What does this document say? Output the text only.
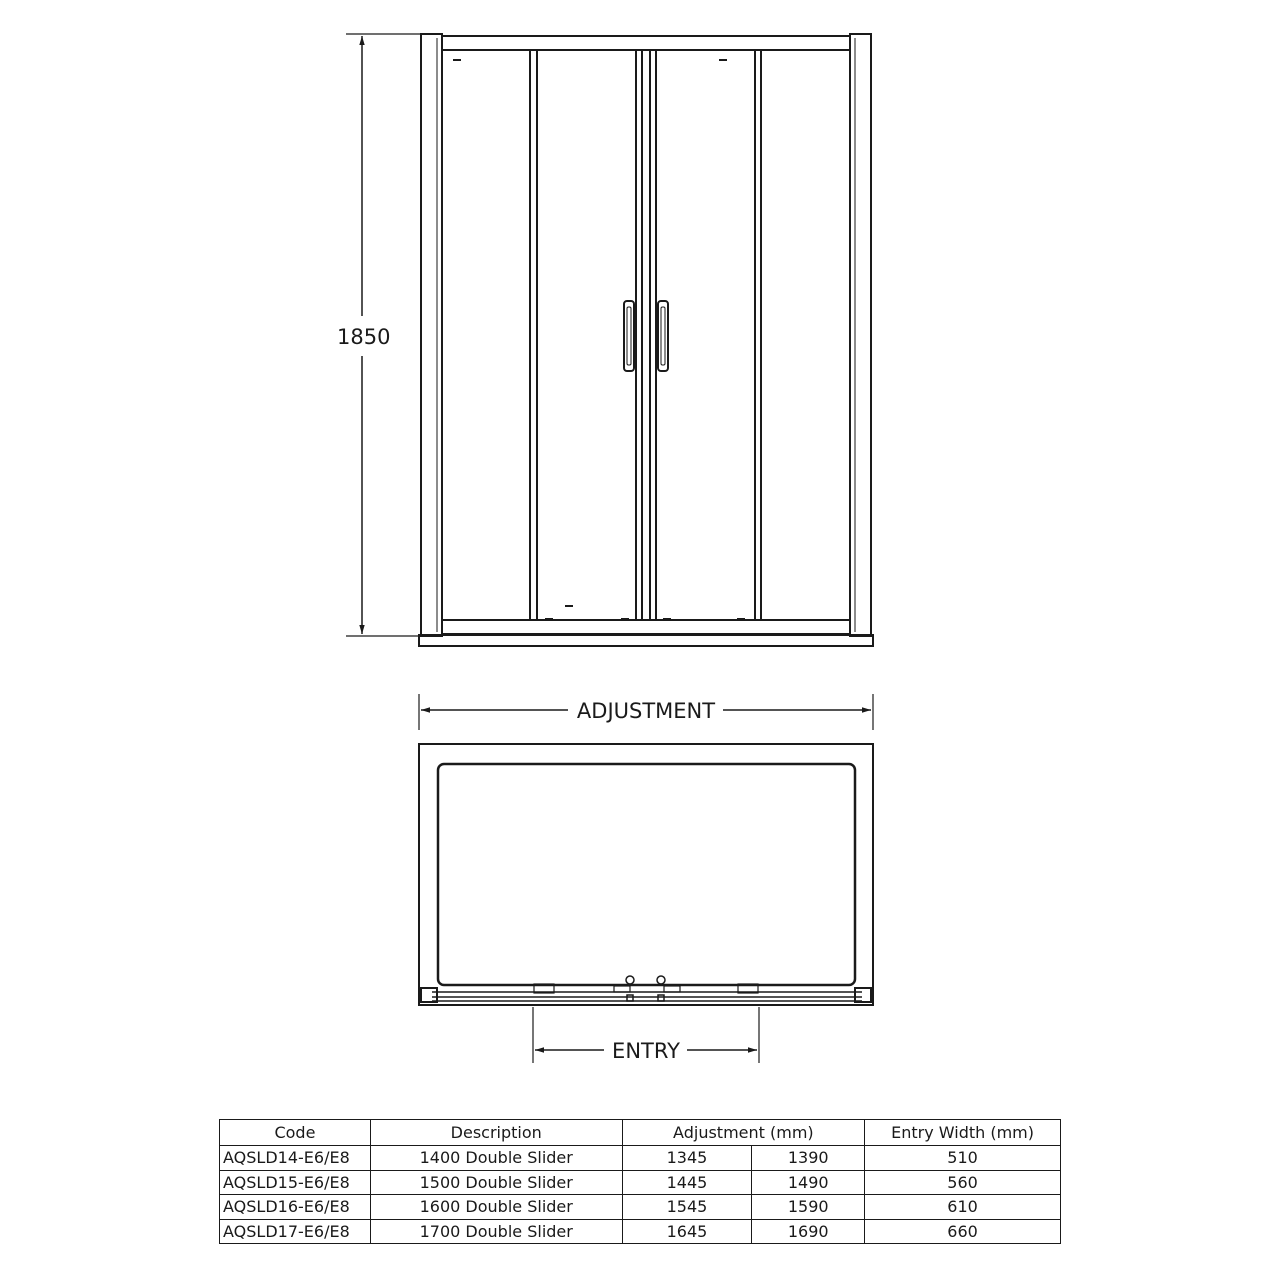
1850
ADJUSTMENT
ENTRY
Code	Description	Adjustment (mm)		Entry Width (mm)
AQSLD14-E6/E8	1400 Double Slider	1345	1390	510
AQSLD15-E6/E8	1500 Double Slider	1445	1490	560
AQSLD16-E6/E8	1600 Double Slider	1545	1590	610
AQSLD17-E6/E8	1700 Double Slider	1645	1690	660
